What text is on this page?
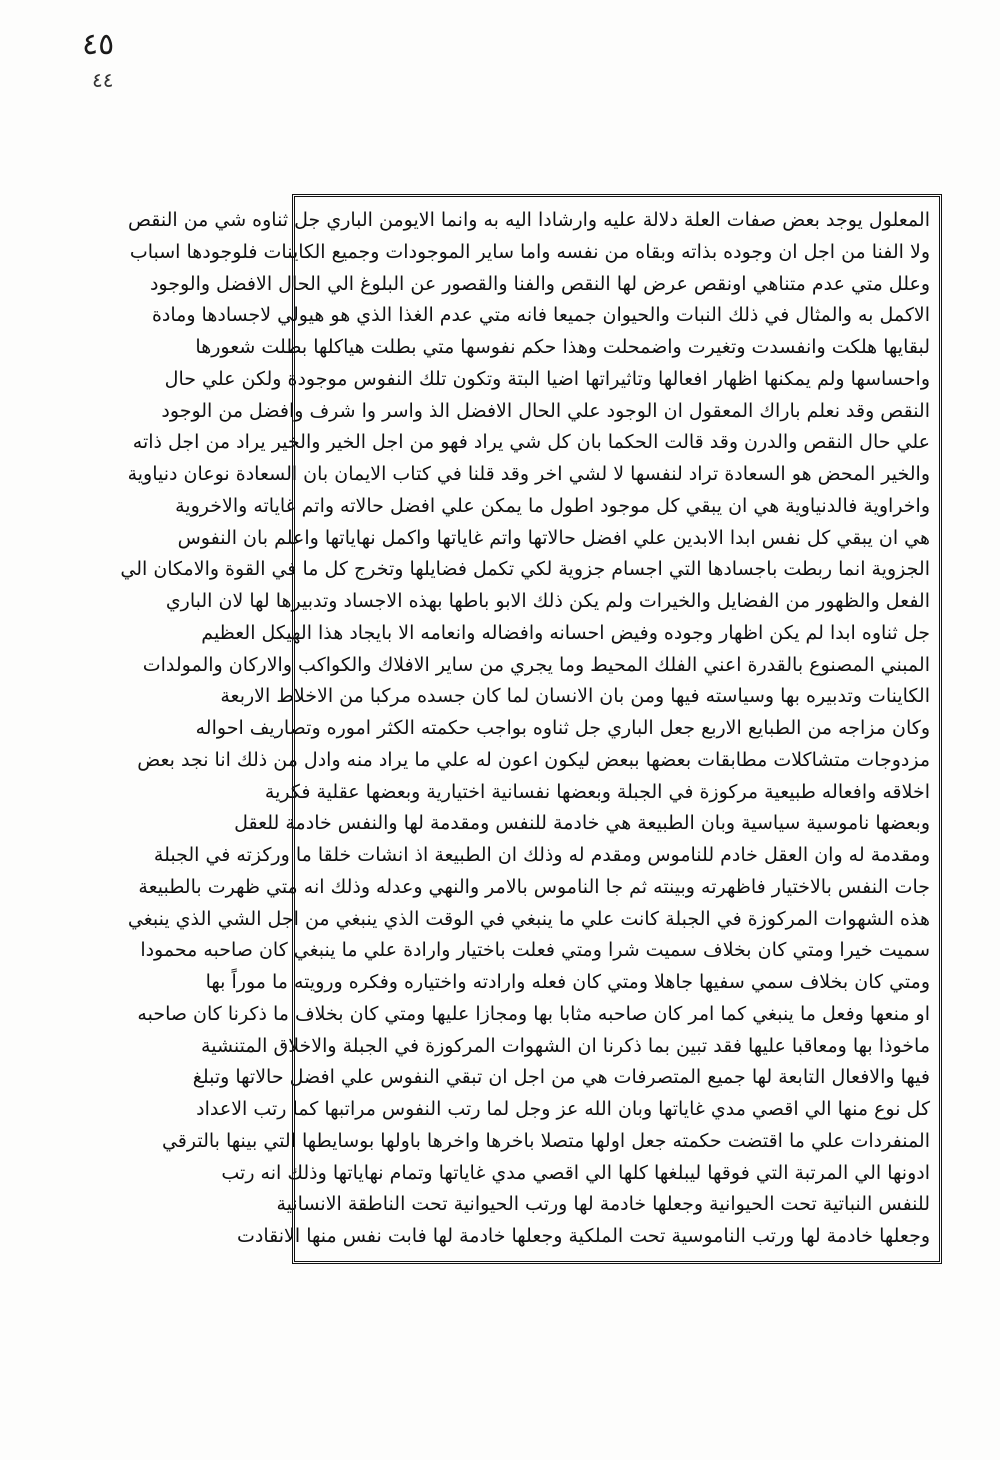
٤٥
٤٤
المعلول يوجد بعض صفات العلة دلالة عليه وارشادا اليه به وانما الايومن الباري جل ثناوه شي من النقص
ولا الفنا من اجل ان وجوده بذاته وبقاه من نفسه واما ساير الموجودات وجميع الكاينات فلوجودها اسباب
وعلل متي عدم متناهي اونقص عرض لها النقص والفنا والقصور عن البلوغ الي الحال الافضل والوجود
الاكمل به والمثال في ذلك النبات والحيوان جميعا فانه متي عدم الغذا الذي هو هيولي لاجسادها ومادة
لبقايها هلكت وانفسدت وتغيرت واضمحلت وهذا حكم نفوسها متي بطلت هياكلها بطلت شعورها
واحساسها ولم يمكنها اظهار افعالها وتاثيراتها اضيا البتة وتكون تلك النفوس موجودة ولكن علي حال
النقص وقد نعلم باراك المعقول ان الوجود علي الحال الافضل الذ واسر وا شرف وافضل من الوجود
علي حال النقص والدرن وقد قالت الحكما بان كل شي يراد فهو من اجل الخير والخير يراد من اجل ذاته
والخير المحض هو السعادة تراد لنفسها لا لشي اخر وقد قلنا في كتاب الايمان بان السعادة نوعان دنياوية
واخراوية فالدنياوية هي ان يبقي كل موجود اطول ما يمكن علي افضل حالاته واتم غاياته والاخروية
هي ان يبقي كل نفس ابدا الابدين علي افضل حالاتها واتم غاياتها واكمل نهاياتها واعلم بان النفوس
الجزوية انما ربطت باجسادها التي اجسام جزوية لكي تكمل فضايلها وتخرج كل ما في القوة والامكان الي
الفعل والظهور من الفضايل والخيرات ولم يكن ذلك الابو باطها بهذه الاجساد وتدبيرها لها لان الباري
جل ثناوه ابدا لم يكن اظهار وجوده وفيض احسانه وافضاله وانعامه الا بايجاد هذا الهيكل العظيم
المبني المصنوع بالقدرة اعني الفلك المحيط وما يجري من ساير الافلاك والكواكب والاركان والمولدات
الكاينات وتدبيره بها وسياسته فيها ومن بان الانسان لما كان جسده مركبا من الاخلاط الاربعة
وكان مزاجه من الطبايع الاربع جعل الباري جل ثناوه بواجب حكمته الكثر اموره وتصاريف احواله
مزدوجات متشاكلات مطابقات بعضها ببعض ليكون اعون له علي ما يراد منه وادل من ذلك انا نجد بعض
اخلاقه وافعاله طبيعية مركوزة في الجبلة وبعضها نفسانية اختيارية وبعضها عقلية فكرية
وبعضها ناموسية سياسية وبان الطبيعة هي خادمة للنفس ومقدمة لها والنفس خادمة للعقل
ومقدمة له وان العقل خادم للناموس ومقدم له وذلك ان الطبيعة اذ انشات خلقا ما وركزته في الجبلة
جات النفس بالاختيار فاظهرته وبينته ثم جا الناموس بالامر والنهي وعدله وذلك انه متي ظهرت بالطبيعة
هذه الشهوات المركوزة في الجبلة كانت علي ما ينبغي في الوقت الذي ينبغي من اجل الشي الذي ينبغي
سميت خيرا ومتي كان بخلاف سميت شرا ومتي فعلت باختيار وارادة علي ما ينبغي كان صاحبه محمودا
ومتي كان بخلاف سمي سفيها جاهلا ومتي كان فعله وارادته واختياره وفكره ورويته ما موراً بها
او منعها وفعل ما ينبغي كما امر كان صاحبه مثابا بها ومجازا عليها ومتي كان بخلاف ما ذكرنا كان صاحبه
ماخوذا بها ومعاقبا عليها فقد تبين بما ذكرنا ان الشهوات المركوزة في الجبلة والاخلاق المتنشية
فيها والافعال التابعة لها جميع المتصرفات هي من اجل ان تبقي النفوس علي افضل حالاتها وتبلغ
كل نوع منها الي اقصي مدي غاياتها وبان الله عز وجل لما رتب النفوس مراتبها كما رتب الاعداد
المنفردات علي ما اقتضت حكمته جعل اولها متصلا باخرها واخرها باولها بوسايطها التي بينها بالترقي
ادونها الي المرتبة التي فوقها ليبلغها كلها الي اقصي مدي غاياتها وتمام نهاياتها وذلك انه رتب
للنفس النباتية تحت الحيوانية وجعلها خادمة لها ورتب الحيوانية تحت الناطقة الانسانية
وجعلها خادمة لها ورتب الناموسية تحت الملكية وجعلها خادمة لها فابت نفس منها الانقادت
